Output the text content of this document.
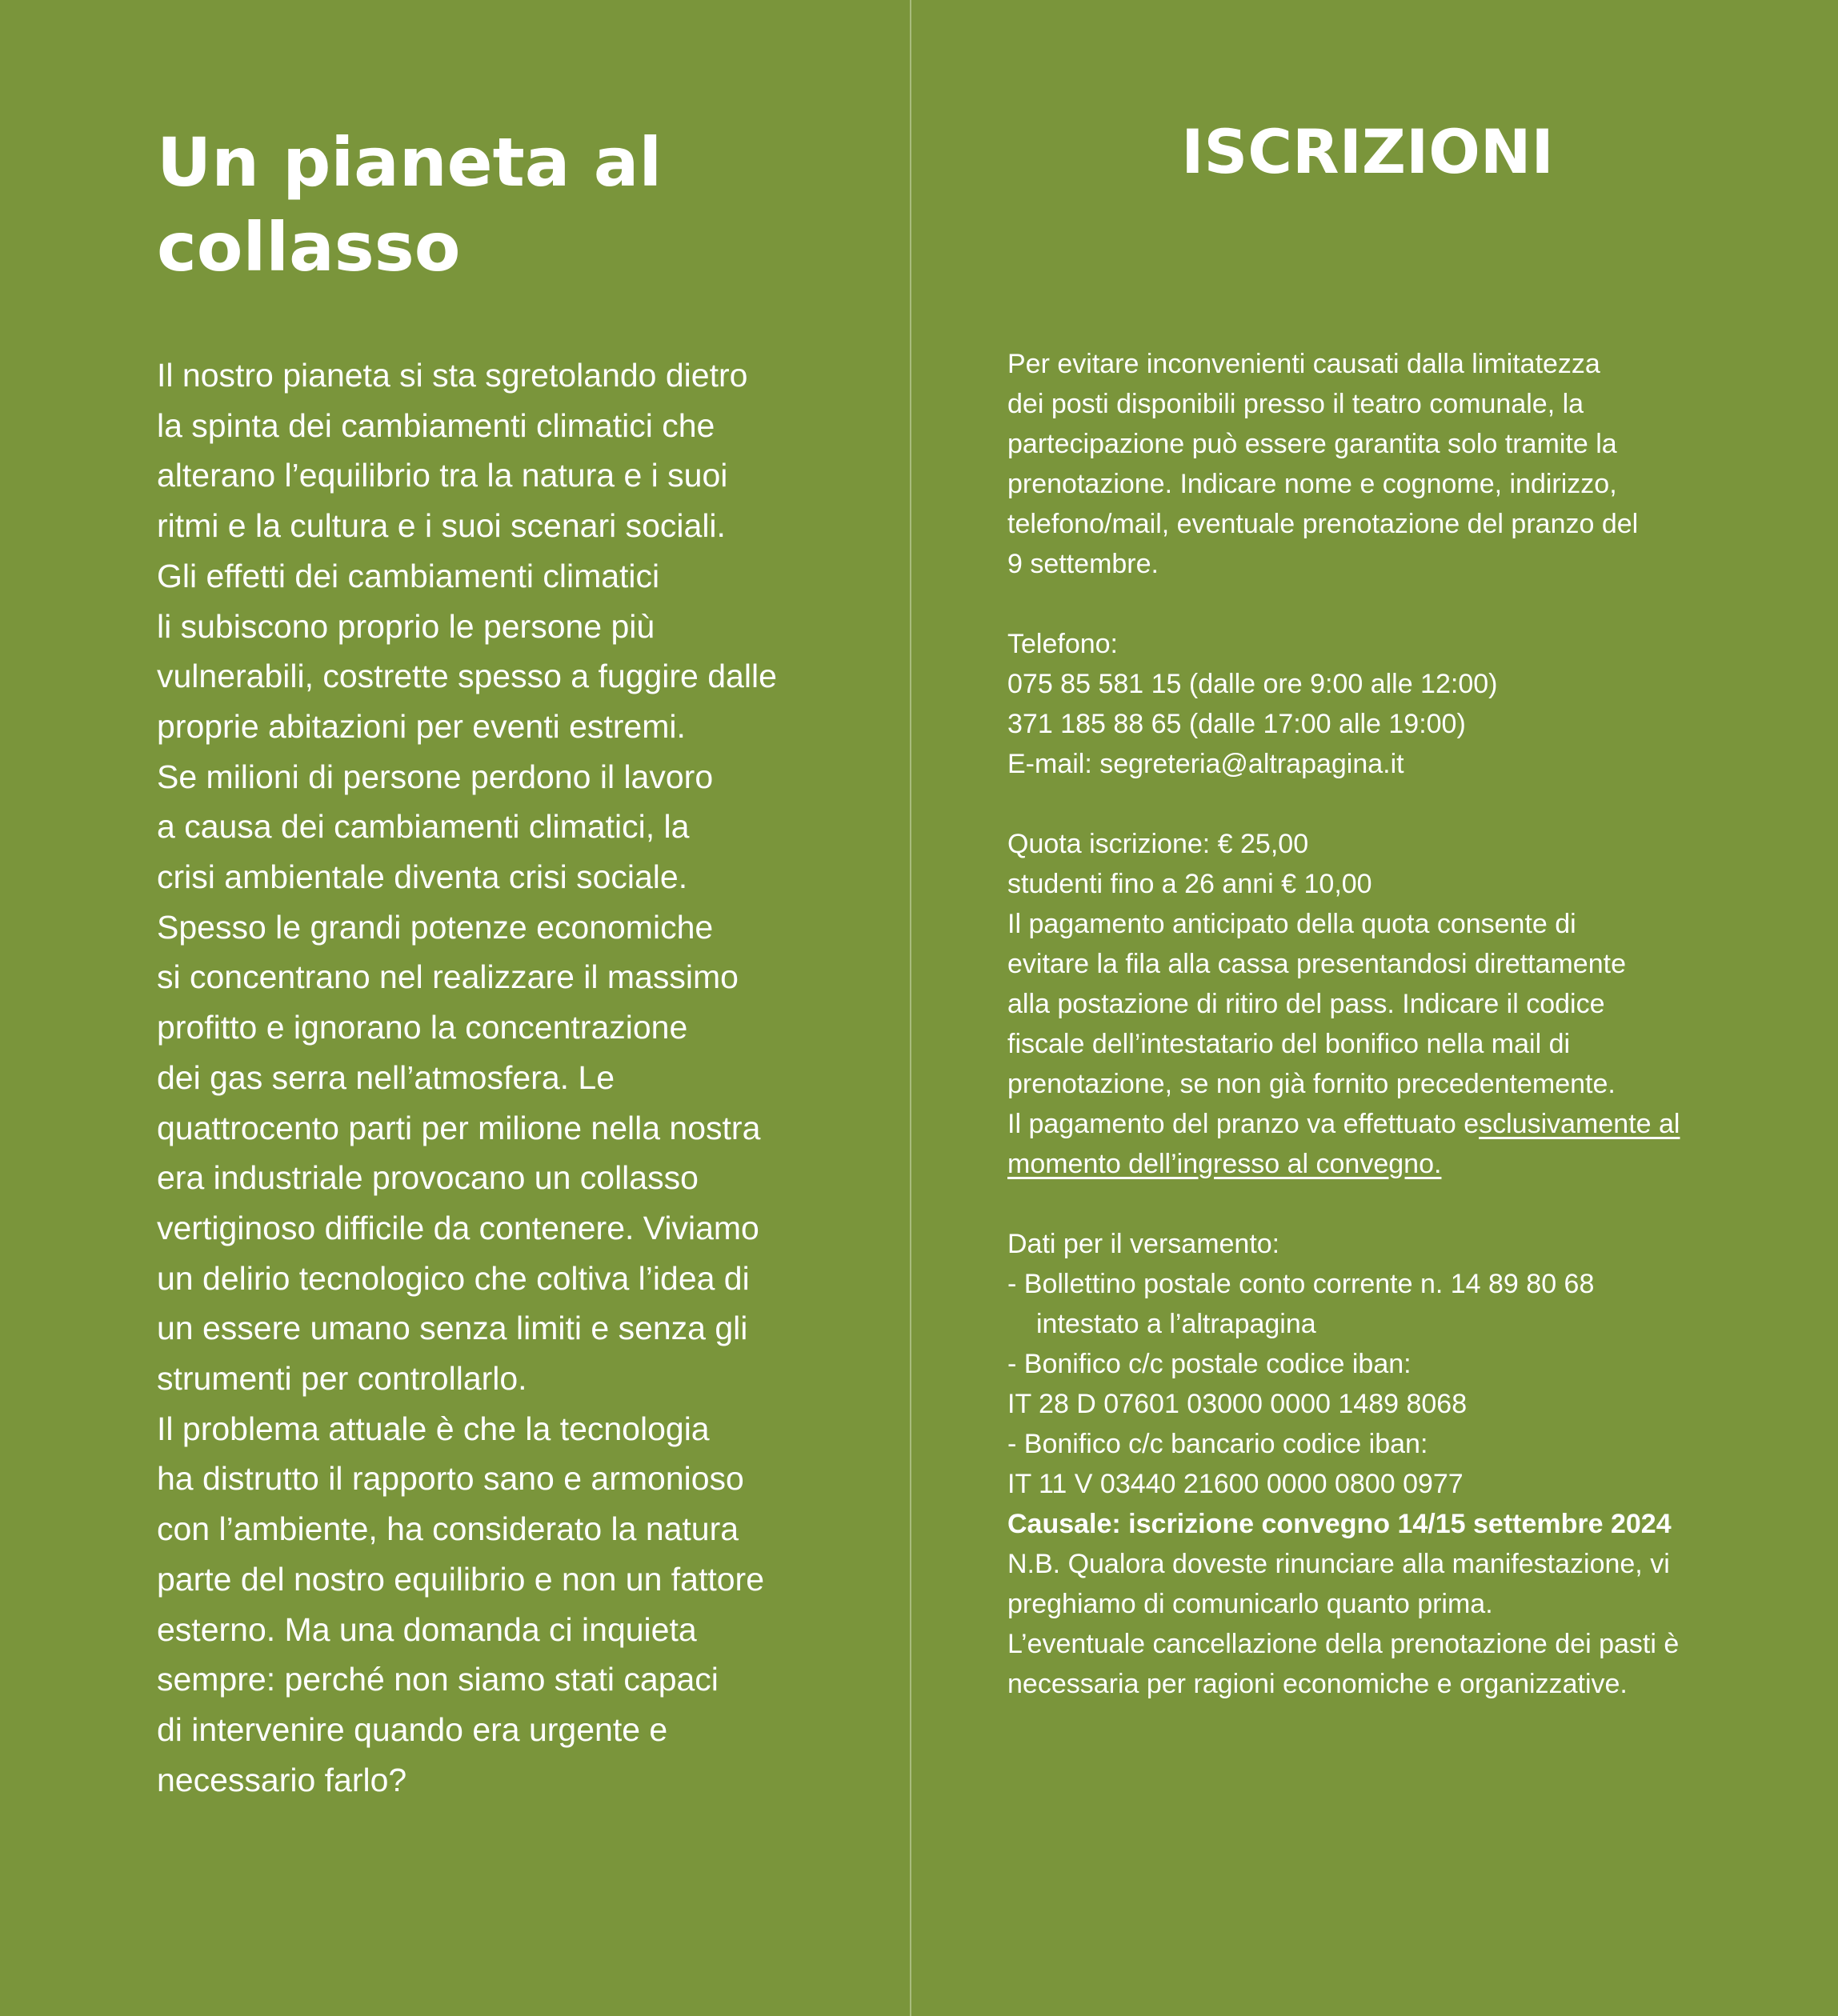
Un pianeta al
collasso
Il nostro pianeta si sta sgretolando dietro
la spinta dei cambiamenti climatici che
alterano l’equilibrio tra la natura e i suoi
ritmi e la cultura e i suoi scenari sociali.
Gli effetti dei cambiamenti climatici
li subiscono proprio le persone più
vulnerabili, costrette spesso a fuggire dalle
proprie abitazioni per eventi estremi.
Se milioni di persone perdono il lavoro
a causa dei cambiamenti climatici, la
crisi ambientale diventa crisi sociale.
Spesso le grandi potenze economiche
si concentrano nel realizzare il massimo
profitto e ignorano la concentrazione
dei gas serra nell’atmosfera. Le
quattrocento parti per milione nella nostra
era industriale provocano un collasso
vertiginoso difficile da contenere. Viviamo
un delirio tecnologico che coltiva l’idea di
un essere umano senza limiti e senza gli
strumenti per controllarlo.
Il problema attuale è che la tecnologia
ha distrutto il rapporto sano e armonioso
con l’ambiente, ha considerato la natura
parte del nostro equilibrio e non un fattore
esterno. Ma una domanda ci inquieta
sempre: perché non siamo stati capaci
di intervenire quando era urgente e
necessario farlo?
ISCRIZIONI
Per evitare inconvenienti causati dalla limitatezza
dei posti disponibili presso il teatro comunale, la
partecipazione può essere garantita solo tramite la
prenotazione. Indicare nome e cognome, indirizzo,
telefono/mail, eventuale prenotazione del pranzo del
9 settembre.
Telefono:
075 85 581 15 (dalle ore 9:00 alle 12:00)
371 185 88 65 (dalle 17:00 alle 19:00)
E-mail: segreteria@altrapagina.it
Quota iscrizione: € 25,00
studenti fino a 26 anni € 10,00
Il pagamento anticipato della quota consente di
evitare la fila alla cassa presentandosi direttamente
alla postazione di ritiro del pass. Indicare il codice
fiscale dell’intestatario del bonifico nella mail di
prenotazione, se non già fornito precedentemente.
Il pagamento del pranzo va effettuato esclusivamente al
momento dell’ingresso al convegno.
Dati per il versamento:
- Bollettino postale conto corrente n. 14 89 80 68
intestato a l’altrapagina
- Bonifico c/c postale codice iban:
IT 28 D 07601 03000 0000 1489 8068
- Bonifico c/c bancario codice iban:
IT 11 V 03440 21600 0000 0800 0977
Causale: iscrizione convegno 14/15 settembre 2024
N.B. Qualora doveste rinunciare alla manifestazione, vi
preghiamo di comunicarlo quanto prima.
L’eventuale cancellazione della prenotazione dei pasti è
necessaria per ragioni economiche e organizzative.
